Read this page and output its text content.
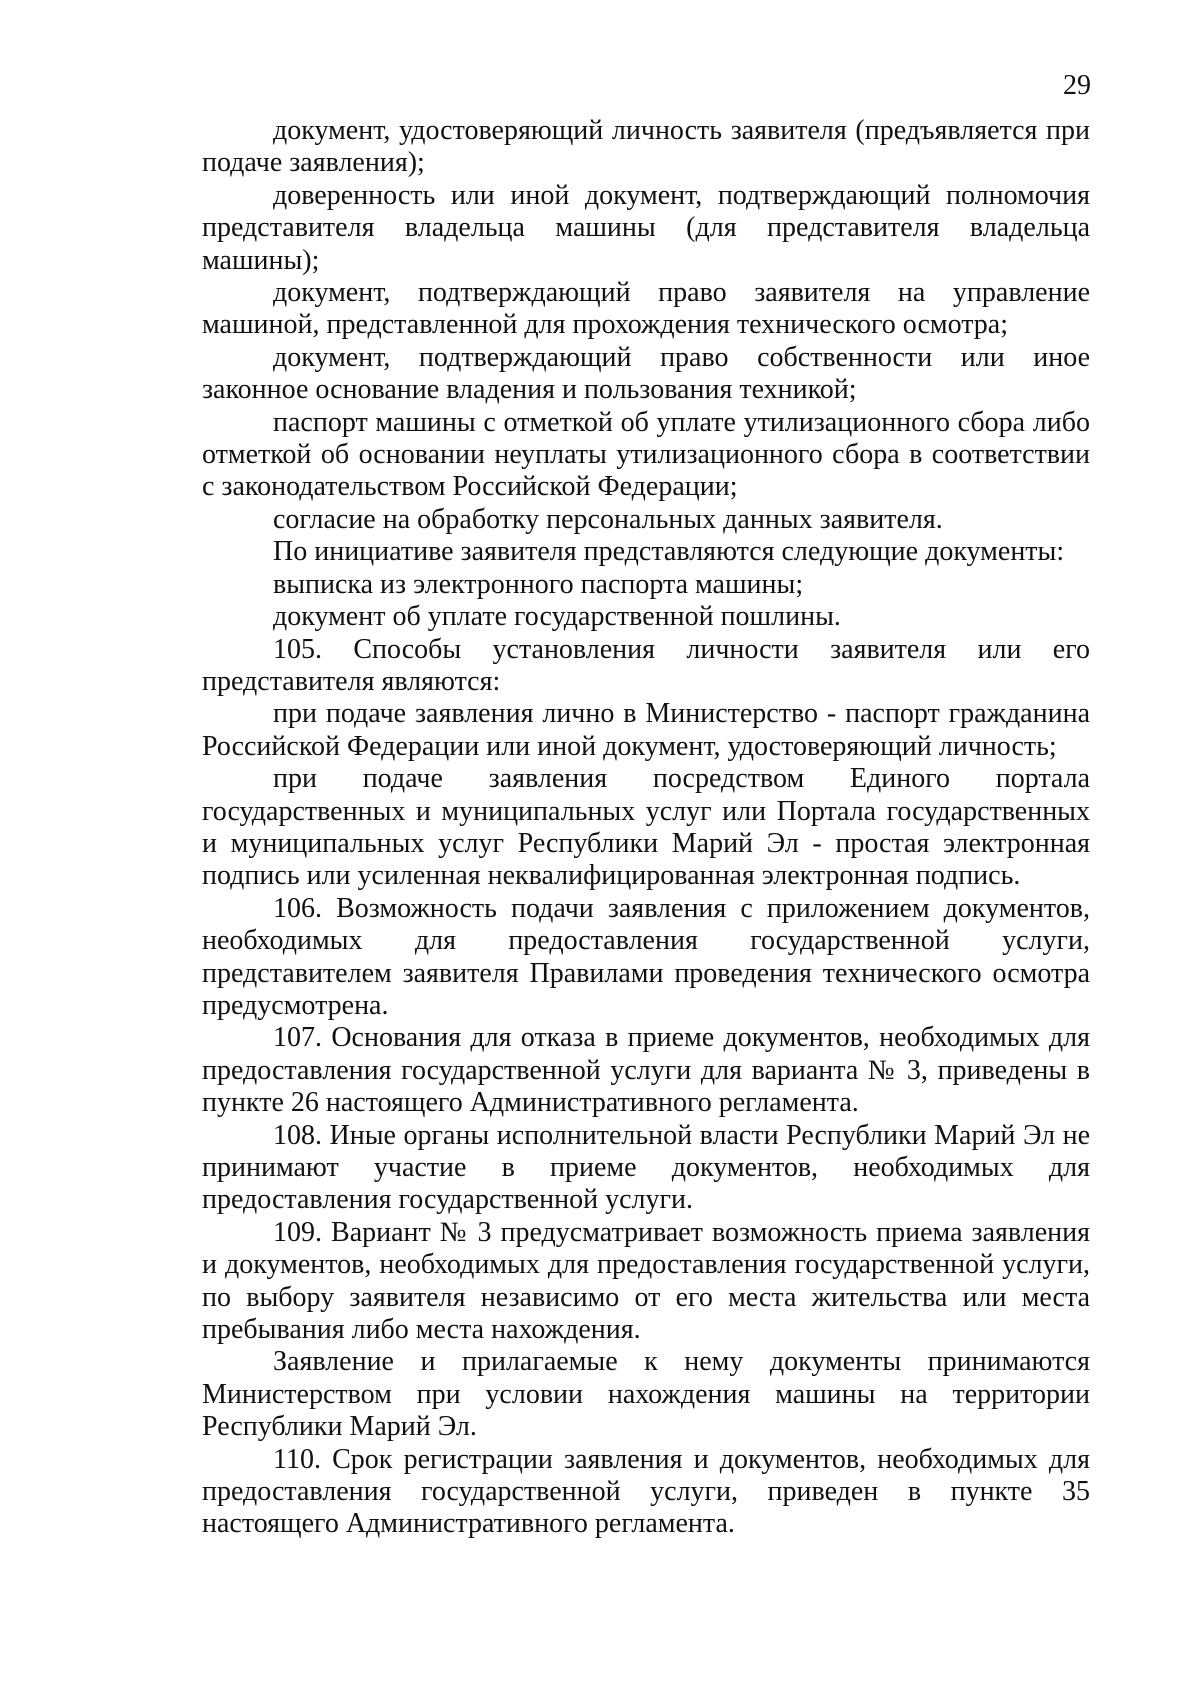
29

документ, удостоверяющий личность заявителя (предъявляется при подаче заявления);

доверенность или иной документ, подтверждающий полномочия представителя владельца машины (для представителя владельца машины);

документ, подтверждающий право заявителя на управление машиной, представленной для прохождения технического осмотра;

документ, подтверждающий право собственности или иное законное основание владения и пользования техникой;

паспорт машины с отметкой об уплате утилизационного сбора либо отметкой об основании неуплаты утилизационного сбора в соответствии с законодательством Российской Федерации;

согласие на обработку персональных данных заявителя.

По инициативе заявителя представляются следующие документы:

выписка из электронного паспорта машины;

документ об уплате государственной пошлины.

105. Способы установления личности заявителя или его представителя являются:

при подаче заявления лично в Министерство - паспорт гражданина Российской Федерации или иной документ, удостоверяющий личность;

при подаче заявления посредством Единого портала государственных и муниципальных услуг или Портала государственных и муниципальных услуг Республики Марий Эл - простая электронная подпись или усиленная неквалифицированная электронная подпись.

106. Возможность подачи заявления с приложением документов, необходимых для предоставления государственной услуги, представителем заявителя Правилами проведения технического осмотра предусмотрена.

107. Основания для отказа в приеме документов, необходимых для предоставления государственной услуги для варианта № 3, приведены в пункте 26 настоящего Административного регламента.

108. Иные органы исполнительной власти Республики Марий Эл не принимают участие в приеме документов, необходимых для предоставления государственной услуги.

109. Вариант № 3 предусматривает возможность приема заявления и документов, необходимых для предоставления государственной услуги, по выбору заявителя независимо от его места жительства или места пребывания либо места нахождения.

Заявление и прилагаемые к нему документы принимаются Министерством при условии нахождения машины на территории Республики Марий Эл.

110. Срок регистрации заявления и документов, необходимых для предоставления государственной услуги, приведен в пункте 35 настоящего Административного регламента.
